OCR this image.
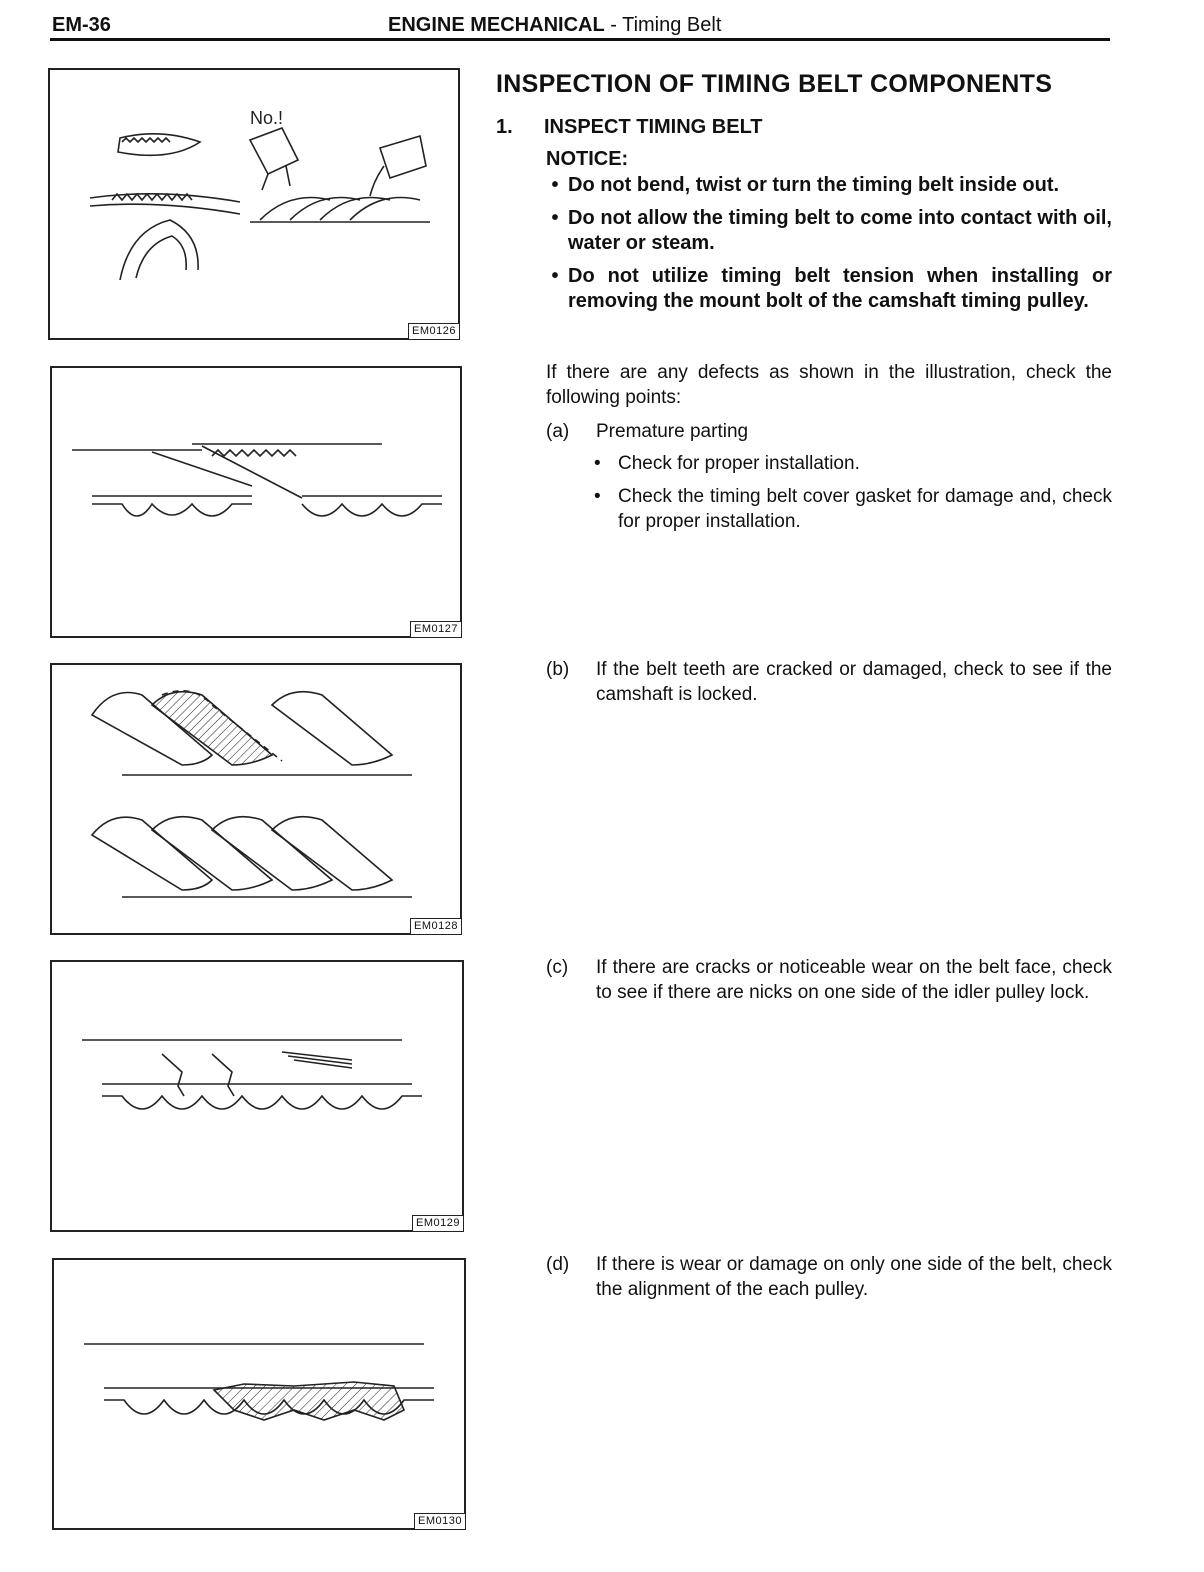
EM-36	ENGINE MECHANICAL - Timing Belt
No.!
EM0126
EM0127
EM0128
EM0129
EM0130
INSPECTION OF TIMING BELT COMPONENTS
1. INSPECT TIMING BELT
NOTICE:
• Do not bend, twist or turn the timing belt inside out.
• Do not allow the timing belt to come into contact with oil, water or steam.
• Do not utilize timing belt tension when installing or removing the mount bolt of the camshaft timing pulley.
If there are any defects as shown in the illustration, check the following points:
(a)	Premature parting
• Check for proper installation.
• Check the timing belt cover gasket for damage and, check for proper installation.
(b)	If the belt teeth are cracked or damaged, check to see if the camshaft is locked.
(c)	If there are cracks or noticeable wear on the belt face, check to see if there are nicks on one side of the idler pulley lock.
(d)	If there is wear or damage on only one side of the belt, check the alignment of the each pulley.
